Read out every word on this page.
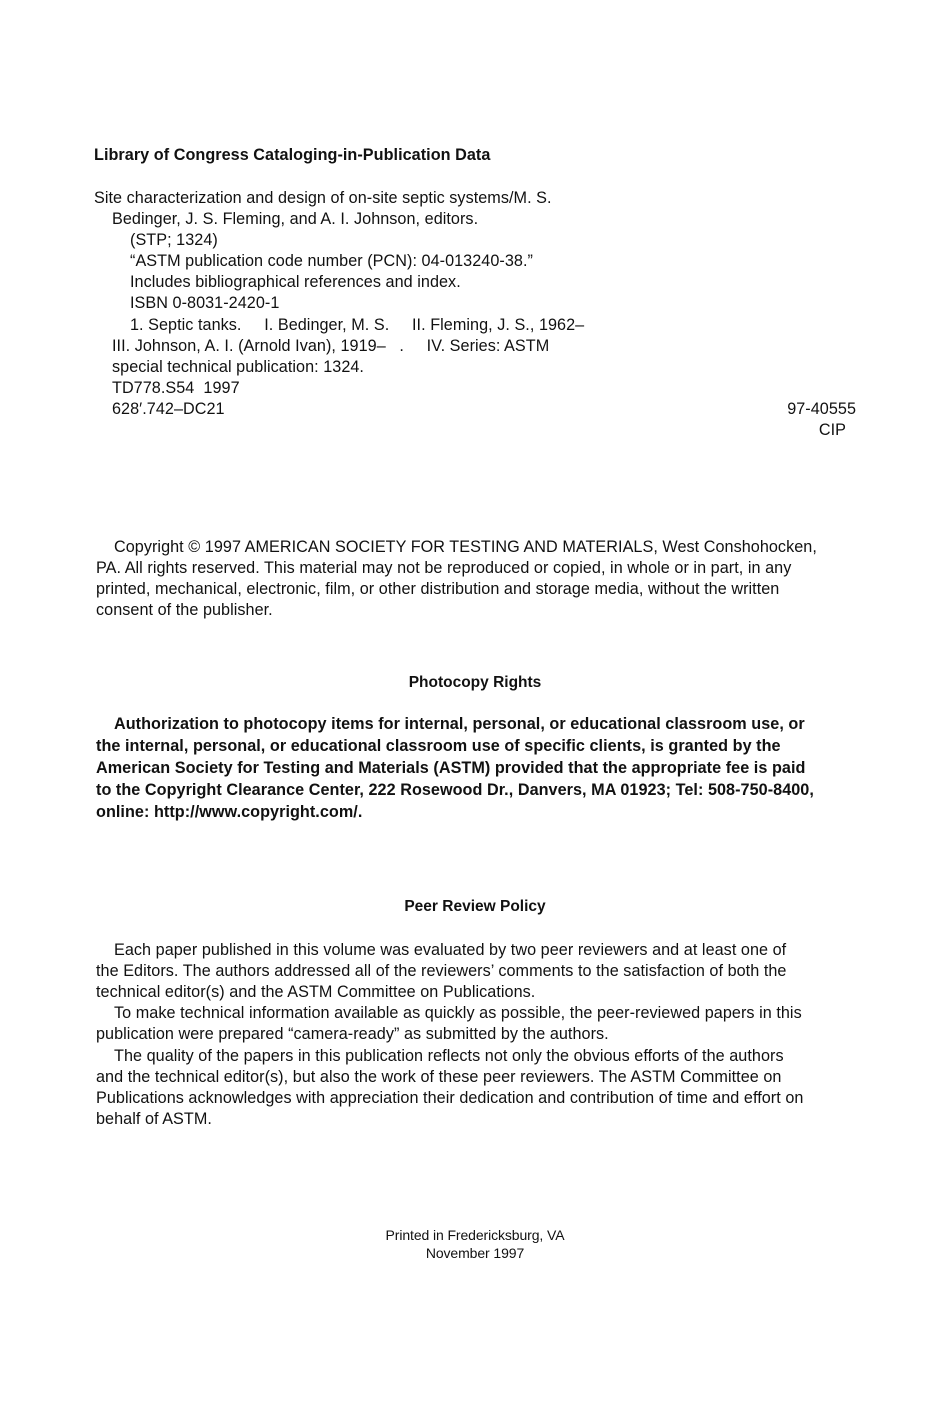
Library of Congress Cataloging-in-Publication Data
Site characterization and design of on-site septic systems/M. S.
Bedinger, J. S. Fleming, and A. I. Johnson, editors.
(STP; 1324)
“ASTM publication code number (PCN): 04-013240-38.”
Includes bibliographical references and index.
ISBN 0-8031-2420-1
1. Septic tanks.     I. Bedinger, M. S.     II. Fleming, J. S., 1962–
III. Johnson, A. I. (Arnold Ivan), 1919–   .     IV. Series: ASTM
special technical publication: 1324.
TD778.S54  1997
628′.742–DC21	97-40555
CIP
Copyright © 1997 AMERICAN SOCIETY FOR TESTING AND MATERIALS, West Conshohocken,
PA. All rights reserved. This material may not be reproduced or copied, in whole or in part, in any
printed, mechanical, electronic, film, or other distribution and storage media, without the written
consent of the publisher.
Photocopy Rights
Authorization to photocopy items for internal, personal, or educational classroom use, or
the internal, personal, or educational classroom use of specific clients, is granted by the
American Society for Testing and Materials (ASTM) provided that the appropriate fee is paid
to the Copyright Clearance Center, 222 Rosewood Dr., Danvers, MA 01923; Tel: 508-750-8400,
online: http://www.copyright.com/.
Peer Review Policy
Each paper published in this volume was evaluated by two peer reviewers and at least one of
the Editors. The authors addressed all of the reviewers’ comments to the satisfaction of both the
technical editor(s) and the ASTM Committee on Publications.
To make technical information available as quickly as possible, the peer-reviewed papers in this
publication were prepared “camera-ready” as submitted by the authors.
The quality of the papers in this publication reflects not only the obvious efforts of the authors
and the technical editor(s), but also the work of these peer reviewers. The ASTM Committee on
Publications acknowledges with appreciation their dedication and contribution of time and effort on
behalf of ASTM.
Printed in Fredericksburg, VA
November 1997
